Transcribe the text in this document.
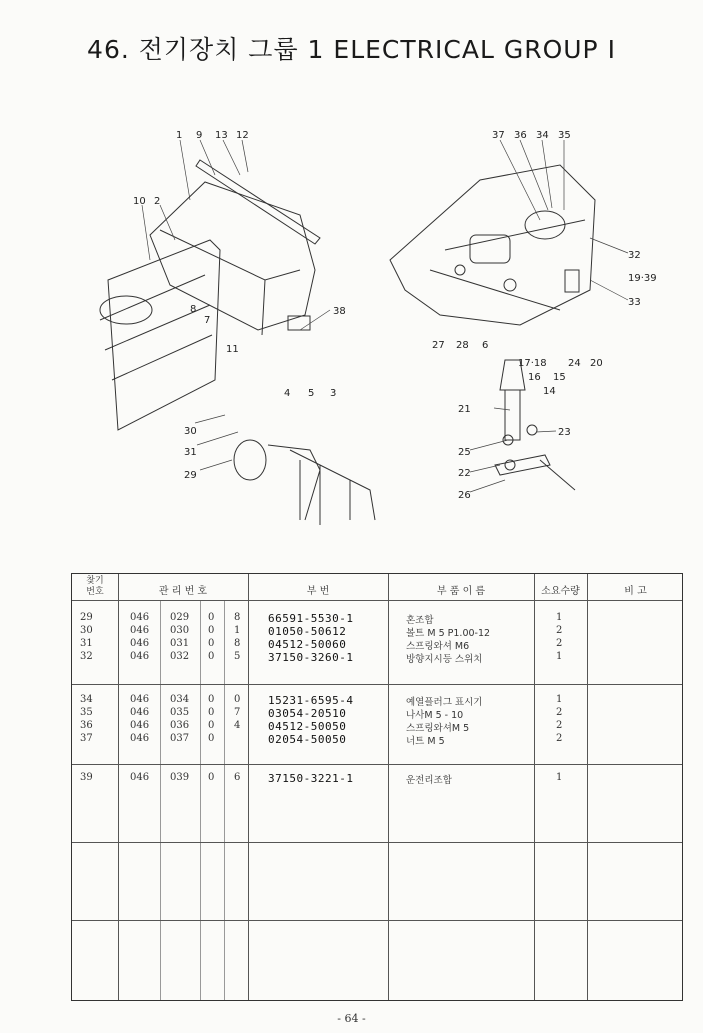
46. 전기장치 그룹 1 ELECTRICAL GROUP Ⅰ
1 9 13 12
10 2
8
7
11
38
4 5 3
30
31
29
37 36 34 35
32
19·39
33
27 28 6
17·18
16 15
14
24 20
21
23
25
22
26
찾기
번호	관 리 번 호	부 번	부 품 이 름	소요수량	비 고
29	046 029 0 8	66591-5530-1	혼조합	1
30	046 030 0 1	01050-50612	볼트 M 5 P1.00-12	2
31	046 031 0 8	04512-50060	스프링와셔 M6	2
32	046 032 0 5	37150-3260-1	방향지시등 스위치	1
34	046 034 0 0	15231-6595-4	예열플러그 표시기	1
35	046 035 0 7	03054-20510	나사M 5 - 10	2
36	046 036 0 4	04512-50050	스프링와셔M 5	2
37	046 037 0	02054-50050	너트 M 5	2
39	046 039 0 6	37150-3221-1	운전리조합	1
- 64 -
